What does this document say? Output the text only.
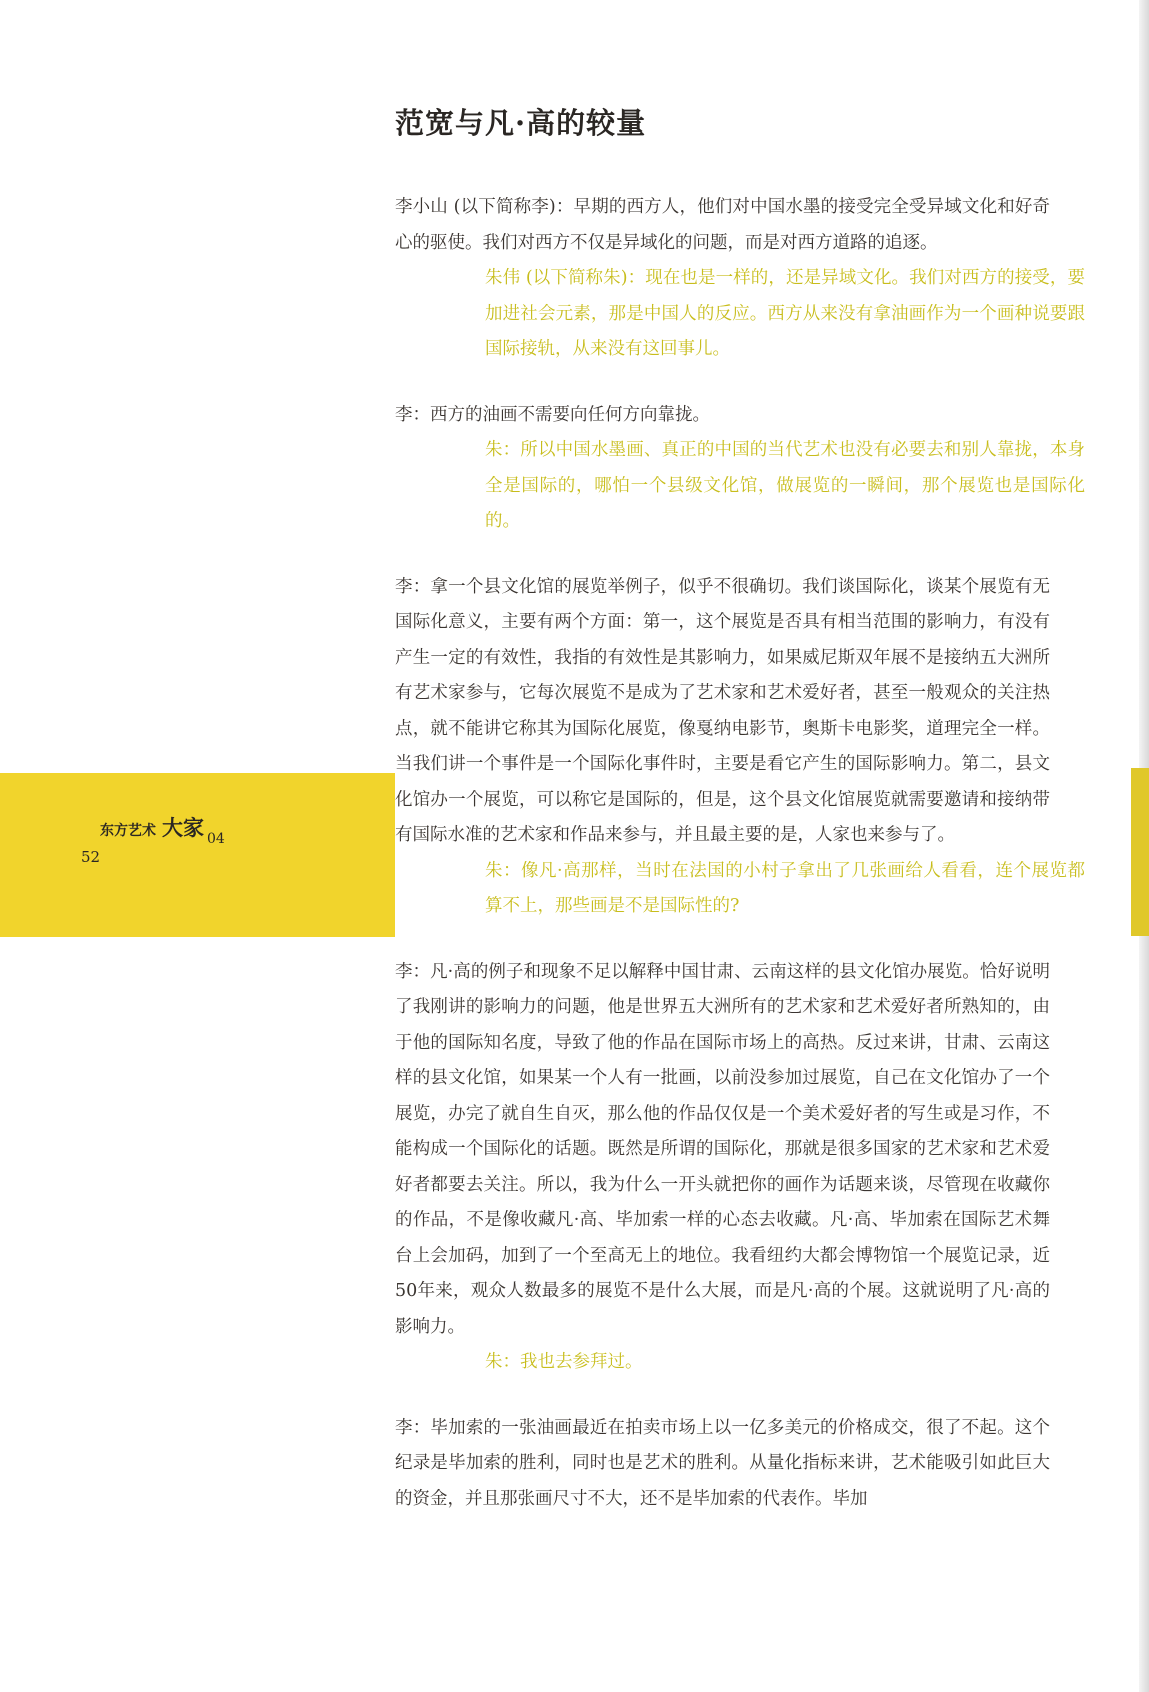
范宽与凡·高的较量

李小山 (以下简称李)：早期的西方人，他们对中国水墨的接受完全受异域文化和好奇心的驱使。我们对西方不仅是异域化的问题，而是对西方道路的追逐。

朱伟 (以下简称朱)：现在也是一样的，还是异域文化。我们对西方的接受，要加进社会元素，那是中国人的反应。西方从来没有拿油画作为一个画种说要跟国际接轨，从来没有这回事儿。

李：西方的油画不需要向任何方向靠拢。

朱：所以中国水墨画、真正的中国的当代艺术也没有必要去和别人靠拢，本身全是国际的，哪怕一个县级文化馆，做展览的一瞬间，那个展览也是国际化的。

李：拿一个县文化馆的展览举例子，似乎不很确切。我们谈国际化，谈某个展览有无国际化意义，主要有两个方面：第一，这个展览是否具有相当范围的影响力，有没有产生一定的有效性，我指的有效性是其影响力，如果威尼斯双年展不是接纳五大洲所有艺术家参与，它每次展览不是成为了艺术家和艺术爱好者，甚至一般观众的关注热点，就不能讲它称其为国际化展览，像戛纳电影节，奥斯卡电影奖，道理完全一样。当我们讲一个事件是一个国际化事件时，主要是看它产生的国际影响力。第二，县文化馆办一个展览，可以称它是国际的，但是，这个县文化馆展览就需要邀请和接纳带有国际水准的艺术家和作品来参与，并且最主要的是，人家也来参与了。

朱：像凡·高那样，当时在法国的小村子拿出了几张画给人看看，连个展览都算不上，那些画是不是国际性的?

李：凡·高的例子和现象不足以解释中国甘肃、云南这样的县文化馆办展览。恰好说明了我刚讲的影响力的问题，他是世界五大洲所有的艺术家和艺术爱好者所熟知的，由于他的国际知名度，导致了他的作品在国际市场上的高热。反过来讲，甘肃、云南这样的县文化馆，如果某一个人有一批画，以前没参加过展览，自己在文化馆办了一个展览，办完了就自生自灭，那么他的作品仅仅是一个美术爱好者的写生或是习作，不能构成一个国际化的话题。既然是所谓的国际化，那就是很多国家的艺术家和艺术爱好者都要去关注。所以，我为什么一开头就把你的画作为话题来谈，尽管现在收藏你的作品，不是像收藏凡·高、毕加索一样的心态去收藏。凡·高、毕加索在国际艺术舞台上会加码，加到了一个至高无上的地位。我看纽约大都会博物馆一个展览记录，近50年来，观众人数最多的展览不是什么大展，而是凡·高的个展。这就说明了凡·高的影响力。

朱：我也去参拜过。

李：毕加索的一张油画最近在拍卖市场上以一亿多美元的价格成交，很了不起。这个纪录是毕加索的胜利，同时也是艺术的胜利。从量化指标来讲，艺术能吸引如此巨大的资金，并且那张画尺寸不大，还不是毕加索的代表作。毕加

东方艺术 大家 04
52
